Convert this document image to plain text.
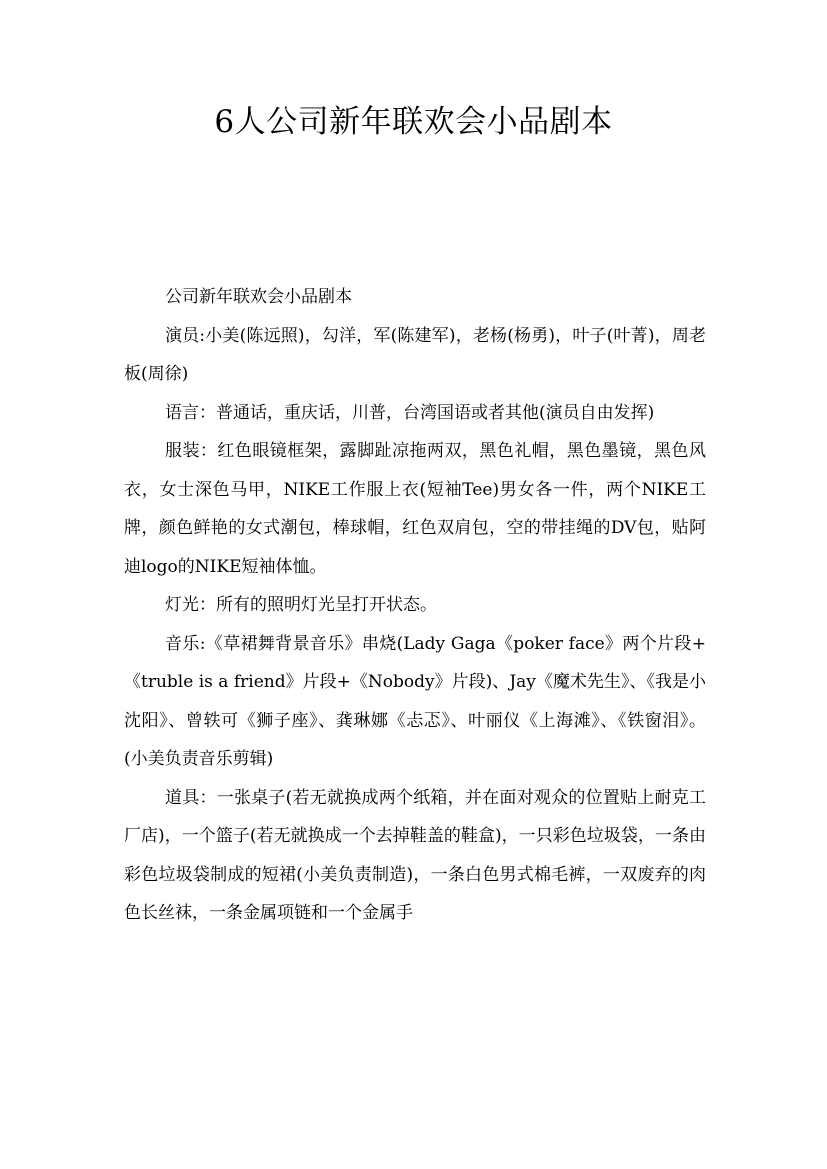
6人公司新年联欢会小品剧本

公司新年联欢会小品剧本

演员:小美(陈远照)，勾洋，军(陈建军)，老杨(杨勇)，叶子(叶菁)，周老板(周徐)

语言：普通话，重庆话，川普，台湾国语或者其他(演员自由发挥)

服装：红色眼镜框架，露脚趾凉拖两双，黑色礼帽，黑色墨镜，黑色风衣，女士深色马甲，NIKE工作服上衣(短袖Tee)男女各一件，两个NIKE工牌，颜色鲜艳的女式潮包，棒球帽，红色双肩包，空的带挂绳的DV包，贴阿迪logo的NIKE短袖体恤。

灯光：所有的照明灯光呈打开状态。

音乐:《草裙舞背景音乐》串烧(Lady Gaga《poker face》两个片段+《truble is a friend》片段+《Nobody》片段)、Jay《魔术先生》、《我是小沈阳》、曾轶可《狮子座》、龚琳娜《忐忑》、叶丽仪《上海滩》、《铁窗泪》。(小美负责音乐剪辑)

道具：一张桌子(若无就换成两个纸箱，并在面对观众的位置贴上耐克工厂店)，一个篮子(若无就换成一个去掉鞋盖的鞋盒)，一只彩色垃圾袋，一条由彩色垃圾袋制成的短裙(小美负责制造)，一条白色男式棉毛裤，一双废弃的肉色长丝袜，一条金属项链和一个金属手
